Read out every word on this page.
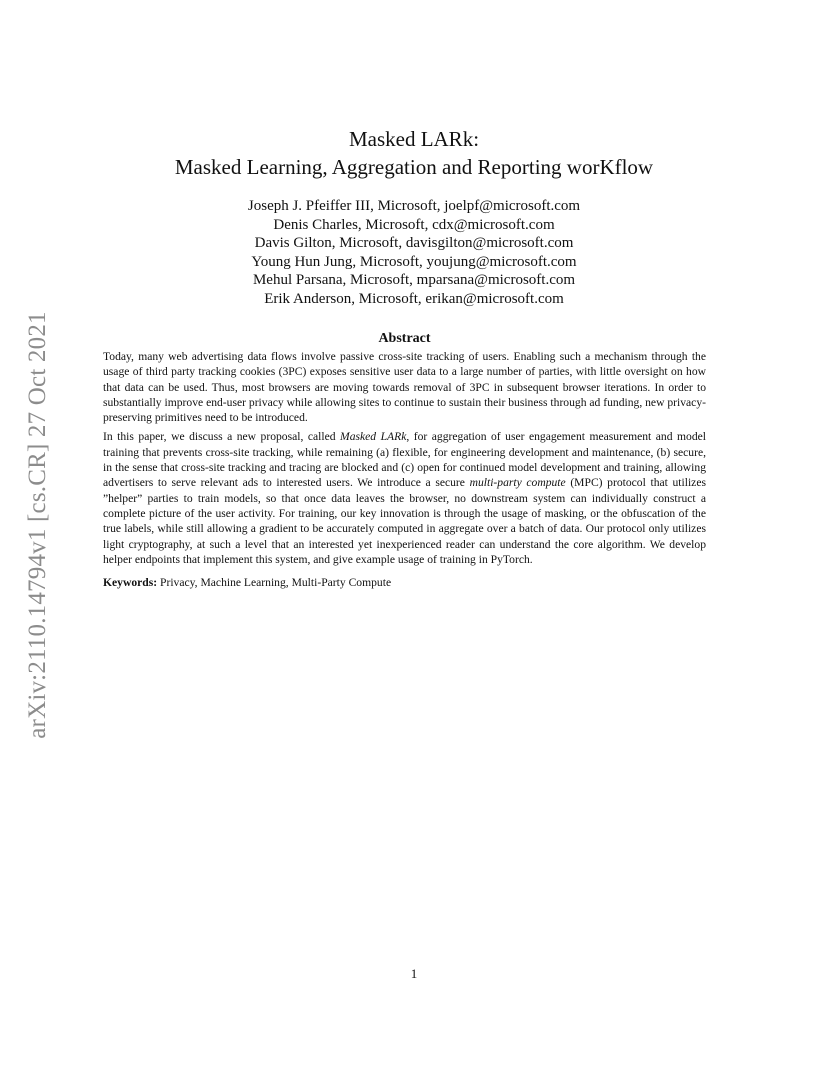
arXiv:2110.14794v1 [cs.CR] 27 Oct 2021
Masked LARk:
Masked Learning, Aggregation and Reporting worKflow
Joseph J. Pfeiffer III, Microsoft, joelpf@microsoft.com
Denis Charles, Microsoft, cdx@microsoft.com
Davis Gilton, Microsoft, davisgilton@microsoft.com
Young Hun Jung, Microsoft, youjung@microsoft.com
Mehul Parsana, Microsoft, mparsana@microsoft.com
Erik Anderson, Microsoft, erikan@microsoft.com
Abstract

Today, many web advertising data flows involve passive cross-site tracking of users. Enabling such a mechanism through the usage of third party tracking cookies (3PC) exposes sensitive user data to a large number of parties, with little oversight on how that data can be used. Thus, most browsers are moving towards removal of 3PC in subsequent browser iterations. In order to substantially improve end-user privacy while allowing sites to continue to sustain their business through ad funding, new privacy-preserving primitives need to be introduced.

In this paper, we discuss a new proposal, called Masked LARk, for aggregation of user engagement measurement and model training that prevents cross-site tracking, while remaining (a) flexible, for engineering development and maintenance, (b) secure, in the sense that cross-site tracking and tracing are blocked and (c) open for continued model development and training, allowing advertisers to serve relevant ads to interested users. We introduce a secure multi-party compute (MPC) protocol that utilizes ”helper” parties to train models, so that once data leaves the browser, no downstream system can individually construct a complete picture of the user activity. For training, our key innovation is through the usage of masking, or the obfuscation of the true labels, while still allowing a gradient to be accurately computed in aggregate over a batch of data. Our protocol only utilizes light cryptography, at such a level that an interested yet inexperienced reader can understand the core algorithm. We develop helper endpoints that implement this system, and give example usage of training in PyTorch.

Keywords: Privacy, Machine Learning, Multi-Party Compute
1
